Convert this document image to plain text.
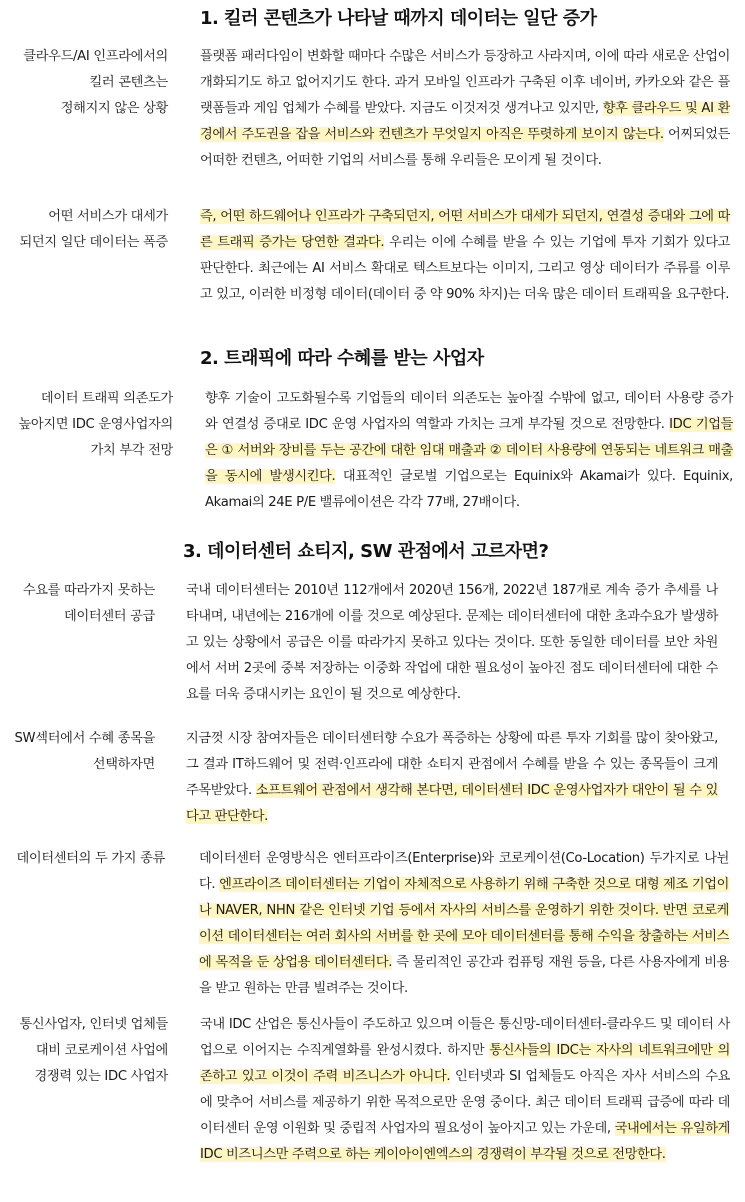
1. 킬러 콘텐츠가 나타날 때까지 데이터는 일단 증가
2. 트래픽에 따라 수혜를 받는 사업자
3. 데이터센터 쇼티지, SW 관점에서 고르자면?
클라우드/AI 인프라에서의
킬러 콘텐츠는
정해지지 않은 상황
플랫폼 패러다임이 변화할 때마다 수많은 서비스가 등장하고 사라지며, 이에 따라 새로운 산업이 개화되기도 하고 없어지기도 한다. 과거 모바일 인프라가 구축된 이후 네이버, 카카오와 같은 플랫폼들과 게임 업체가 수혜를 받았다. 지금도 이것저것 생겨나고 있지만, 향후 클라우드 및 AI 환경에서 주도권을 잡을 서비스와 컨텐츠가 무엇일지 아직은 뚜렷하게 보이지 않는다. 어찌되었든 어떠한 컨텐츠, 어떠한 기업의 서비스를 통해 우리들은 모이게 될 것이다.
어떤 서비스가 대세가
되던지 일단 데이터는 폭증
즉, 어떤 하드웨어나 인프라가 구축되던지, 어떤 서비스가 대세가 되던지, 연결성 증대와 그에 따른 트래픽 증가는 당연한 결과다. 우리는 이에 수혜를 받을 수 있는 기업에 투자 기회가 있다고 판단한다. 최근에는 AI 서비스 확대로 텍스트보다는 이미지, 그리고 영상 데이터가 주류를 이루고 있고, 이러한 비정형 데이터(데이터 중 약 90% 차지)는 더욱 많은 데이터 트래픽을 요구한다.
데이터 트래픽 의존도가
높아지면 IDC 운영사업자의
가치 부각 전망
향후 기술이 고도화될수록 기업들의 데이터 의존도는 높아질 수밖에 없고, 데이터 사용량 증가와 연결성 증대로 IDC 운영 사업자의 역할과 가치는 크게 부각될 것으로 전망한다. IDC 기업들은 ① 서버와 장비를 두는 공간에 대한 임대 매출과 ② 데이터 사용량에 연동되는 네트워크 매출을 동시에 발생시킨다. 대표적인 글로벌 기업으로는 Equinix와 Akamai가 있다. Equinix, Akamai의 24E P/E 밸류에이션은 각각 77배, 27배이다.
수요를 따라가지 못하는
데이터센터 공급
국내 데이터센터는 2010년 112개에서 2020년 156개, 2022년 187개로 계속 증가 추세를 나타내며, 내년에는 216개에 이를 것으로 예상된다. 문제는 데이터센터에 대한 초과수요가 발생하고 있는 상황에서 공급은 이를 따라가지 못하고 있다는 것이다. 또한 동일한 데이터를 보안 차원에서 서버 2곳에 중복 저장하는 이중화 작업에 대한 필요성이 높아진 점도 데이터센터에 대한 수요를 더욱 증대시키는 요인이 될 것으로 예상한다.
SW섹터에서 수혜 종목을
선택하자면
지금껏 시장 참여자들은 데이터센터향 수요가 폭증하는 상황에 따른 투자 기회를 많이 찾아왔고, 그 결과 IT하드웨어 및 전력·인프라에 대한 쇼티지 관점에서 수혜를 받을 수 있는 종목들이 크게 주목받았다. 소프트웨어 관점에서 생각해 본다면, 데이터센터 IDC 운영사업자가 대안이 될 수 있다고 판단한다.
데이터센터의 두 가지 종류	데이터센터 운영방식은 엔터프라이즈(Enterprise)와 코로케이션(Co-Location) 두가지로 나뉜다. 엔프라이즈 데이터센터는 기업이 자체적으로 사용하기 위해 구축한 것으로 대형 제조 기업이나 NAVER, NHN 같은 인터넷 기업 등에서 자사의 서비스를 운영하기 위한 것이다. 반면 코로케이션 데이터센터는 여러 회사의 서버를 한 곳에 모아 데이터센터를 통해 수익을 창출하는 서비스에 목적을 둔 상업용 데이터센터다. 즉 물리적인 공간과 컴퓨팅 재원 등을, 다른 사용자에게 비용을 받고 원하는 만큼 빌려주는 것이다.
통신사업자, 인터넷 업체들
대비 코로케이션 사업에
경쟁력 있는 IDC 사업자
국내 IDC 산업은 통신사들이 주도하고 있으며 이들은 통신망-데이터센터-클라우드 및 데이터 사업으로 이어지는 수직계열화를 완성시켰다. 하지만 통신사들의 IDC는 자사의 네트워크에만 의존하고 있고 이것이 주력 비즈니스가 아니다. 인터넷과 SI 업체들도 아직은 자사 서비스의 수요에 맞추어 서비스를 제공하기 위한 목적으로만 운영 중이다. 최근 데이터 트래픽 급증에 따라 데이터센터 운영 이원화 및 중립적 사업자의 필요성이 높아지고 있는 가운데, 국내에서는 유일하게 IDC 비즈니스만 주력으로 하는 케이아이엔엑스의 경쟁력이 부각될 것으로 전망한다.
